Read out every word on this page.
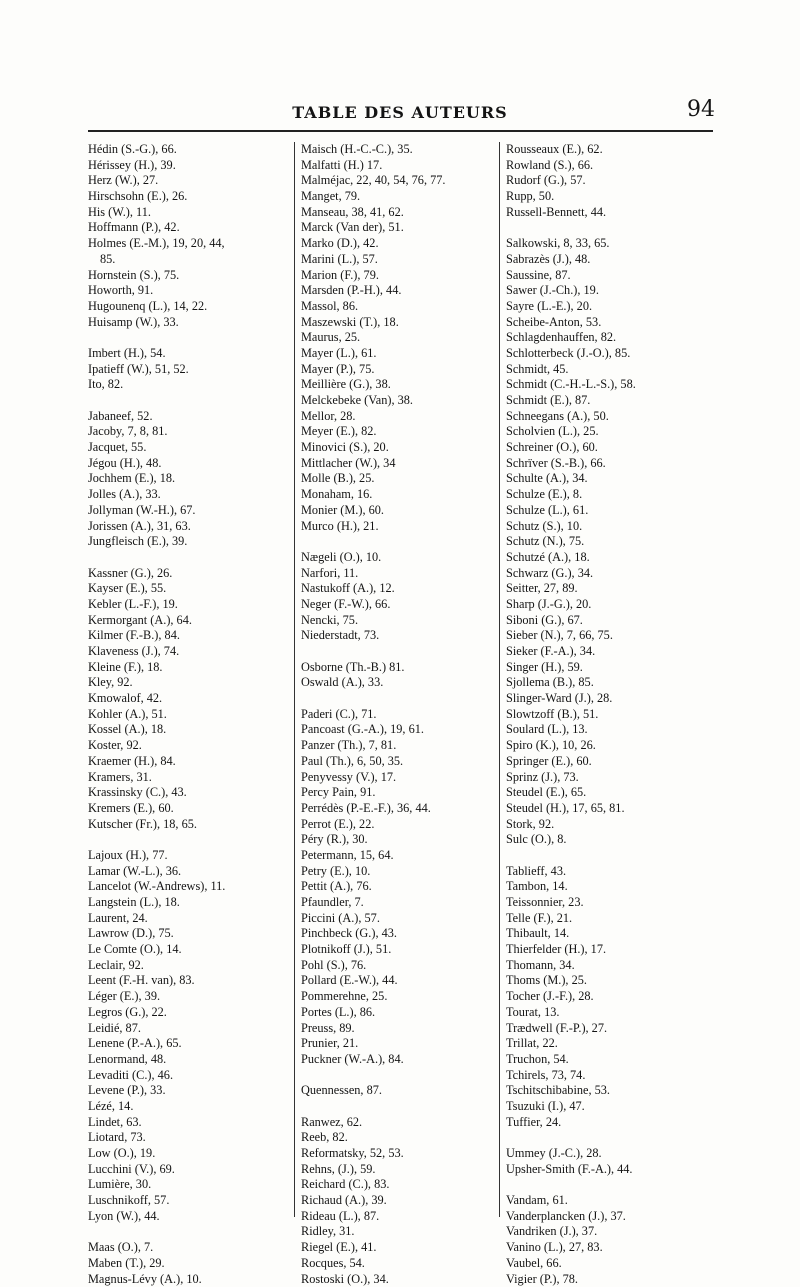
TABLE DES AUTEURS	94
Hédin (S.-G.), 66.
Hérissey (H.), 39.
Herz (W.), 27.
Hirschsohn (E.), 26.
His (W.), 11.
Hoffmann (P.), 42.
Holmes (E.-M.), 19, 20, 44,
85.
Hornstein (S.), 75.
Howorth, 91.
Hugounenq (L.), 14, 22.
Huisamp (W.), 33.
Imbert (H.), 54.
Ipatieff (W.), 51, 52.
Ito, 82.
Jabaneef, 52.
Jacoby, 7, 8, 81.
Jacquet, 55.
Jégou (H.), 48.
Jochhem (E.), 18.
Jolles (A.), 33.
Jollyman (W.-H.), 67.
Jorissen (A.), 31, 63.
Jungfleisch (E.), 39.
Kassner (G.), 26.
Kayser (E.), 55.
Kebler (L.-F.), 19.
Kermorgant (A.), 64.
Kilmer (F.-B.), 84.
Klaveness (J.), 74.
Kleine (F.), 18.
Kley, 92.
Kmowalof, 42.
Kohler (A.), 51.
Kossel (A.), 18.
Koster, 92.
Kraemer (H.), 84.
Kramers, 31.
Krassinsky (C.), 43.
Kremers (E.), 60.
Kutscher (Fr.), 18, 65.
Lajoux (H.), 77.
Lamar (W.-L.), 36.
Lancelot (W.-Andrews), 11.
Langstein (L.), 18.
Laurent, 24.
Lawrow (D.), 75.
Le Comte (O.), 14.
Leclair, 92.
Leent (F.-H. van), 83.
Léger (E.), 39.
Legros (G.), 22.
Leidié, 87.
Lenene (P.-A.), 65.
Lenormand, 48.
Levaditi (C.), 46.
Levene (P.), 33.
Lézé, 14.
Lindet, 63.
Liotard, 73.
Low (O.), 19.
Lucchini (V.), 69.
Lumière, 30.
Luschnikoff, 57.
Lyon (W.), 44.
Maas (O.), 7.
Maben (T.), 29.
Magnus-Lévy (A.), 10.
Maisch (H.-C.-C.), 35.
Malfatti (H.) 17.
Malméjac, 22, 40, 54, 76, 77.
Manget, 79.
Manseau, 38, 41, 62.
Marck (Van der), 51.
Marko (D.), 42.
Marini (L.), 57.
Marion (F.), 79.
Marsden (P.-H.), 44.
Massol, 86.
Maszewski (T.), 18.
Maurus, 25.
Mayer (L.), 61.
Mayer (P.), 75.
Meillière (G.), 38.
Melckebeke (Van), 38.
Mellor, 28.
Meyer (E.), 82.
Minovici (S.), 20.
Mittlacher (W.), 34
Molle (B.), 25.
Monaham, 16.
Monier (M.), 60.
Murco (H.), 21.
Nægeli (O.), 10.
Narfori, 11.
Nastukoff (A.), 12.
Neger (F.-W.), 66.
Nencki, 75.
Niederstadt, 73.
Osborne (Th.-B.) 81.
Oswald (A.), 33.
Paderi (C.), 71.
Pancoast (G.-A.), 19, 61.
Panzer (Th.), 7, 81.
Paul (Th.), 6, 50, 35.
Penyvessy (V.), 17.
Percy Pain, 91.
Perrédès (P.-E.-F.), 36, 44.
Perrot (E.), 22.
Péry (R.), 30.
Petermann, 15, 64.
Petry (E.), 10.
Pettit (A.), 76.
Pfaundler, 7.
Piccini (A.), 57.
Pinchbeck (G.), 43.
Plotnikoff (J.), 51.
Pohl (S.), 76.
Pollard (E.-W.), 44.
Pommerehne, 25.
Portes (L.), 86.
Preuss, 89.
Prunier, 21.
Puckner (W.-A.), 84.
Quennessen, 87.
Ranwez, 62.
Reeb, 82.
Reformatsky, 52, 53.
Rehns, (J.), 59.
Reichard (C.), 83.
Richaud (A.), 39.
Rideau (L.), 87.
Ridley, 31.
Riegel (E.), 41.
Rocques, 54.
Rostoski (O.), 34.
Rousseaux (E.), 62.
Rowland (S.), 66.
Rudorf (G.), 57.
Rupp, 50.
Russell-Bennett, 44.
Salkowski, 8, 33, 65.
Sabrazès (J.), 48.
Saussine, 87.
Sawer (J.-Ch.), 19.
Sayre (L.-E.), 20.
Scheibe-Anton, 53.
Schlagdenhauffen, 82.
Schlotterbeck (J.-O.), 85.
Schmidt, 45.
Schmidt (C.-H.-L.-S.), 58.
Schmidt (E.), 87.
Schneegans (A.), 50.
Scholvien (L.), 25.
Schreiner (O.), 60.
Schrïver (S.-B.), 66.
Schulte (A.), 34.
Schulze (E.), 8.
Schulze (L.), 61.
Schutz (S.), 10.
Schutz (N.), 75.
Schutzé (A.), 18.
Schwarz (G.), 34.
Seitter, 27, 89.
Sharp (J.-G.), 20.
Siboni (G.), 67.
Sieber (N.), 7, 66, 75.
Sieker (F.-A.), 34.
Singer (H.), 59.
Sjollema (B.), 85.
Slinger-Ward (J.), 28.
Slowtzoff (B.), 51.
Soulard (L.), 13.
Spiro (K.), 10, 26.
Springer (E.), 60.
Sprinz (J.), 73.
Steudel (E.), 65.
Steudel (H.), 17, 65, 81.
Stork, 92.
Sulc (O.), 8.
Tablieff, 43.
Tambon, 14.
Teissonnier, 23.
Telle (F.), 21.
Thibault, 14.
Thierfelder (H.), 17.
Thomann, 34.
Thoms (M.), 25.
Tocher (J.-F.), 28.
Tourat, 13.
Trædwell (F.-P.), 27.
Trillat, 22.
Truchon, 54.
Tchirels, 73, 74.
Tschitschibabine, 53.
Tsuzuki (I.), 47.
Tuffier, 24.
Ummey (J.-C.), 28.
Upsher-Smith (F.-A.), 44.
Vandam, 61.
Vanderplancken (J.), 37.
Vandriken (J.), 37.
Vanino (L.), 27, 83.
Vaubel, 66.
Vigier (P.), 78.
